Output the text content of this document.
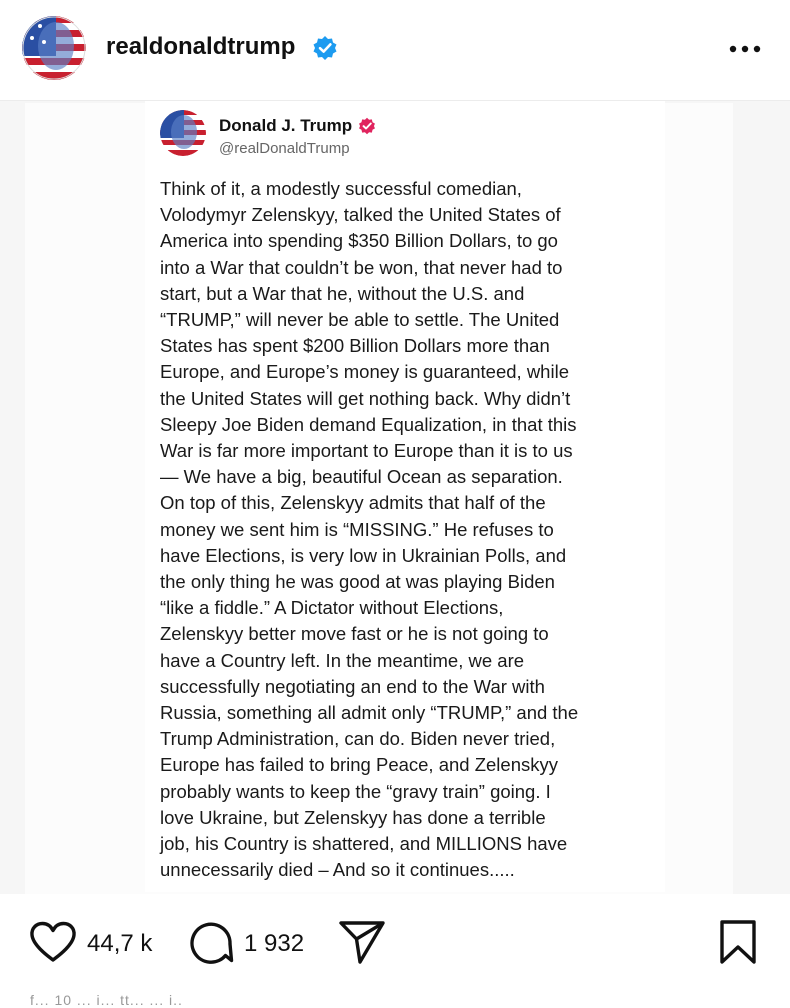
realdonaldtrump
Donald J. Trump
@realDonaldTrump

Think of it, a modestly successful comedian,

Volodymyr Zelenskyy, talked the United States of

America into spending $350 Billion Dollars, to go

into a War that couldn’t be won, that never had to

start, but a War that he, without the U.S. and

“TRUMP,” will never be able to settle. The United

States has spent $200 Billion Dollars more than

Europe, and Europe’s money is guaranteed, while

the United States will get nothing back. Why didn’t

Sleepy Joe Biden demand Equalization, in that this

War is far more important to Europe than it is to us

— We have a big, beautiful Ocean as separation.

On top of this, Zelenskyy admits that half of the

money we sent him is “MISSING.” He refuses to

have Elections, is very low in Ukrainian Polls, and

the only thing he was good at was playing Biden

“like a fiddle.” A Dictator without Elections,

Zelenskyy better move fast or he is not going to

have a Country left. In the meantime, we are

successfully negotiating an end to the War with

Russia, something all admit only “TRUMP,” and the

Trump Administration, can do. Biden never tried,

Europe has failed to bring Peace, and Zelenskyy

probably wants to keep the “gravy train” going. I

love Ukraine, but Zelenskyy has done a terrible

job, his Country is shattered, and MILLIONS have

unnecessarily died – And so it continues.....

44,7 k	1 932
f... 10 ... i... tt... ... i..
